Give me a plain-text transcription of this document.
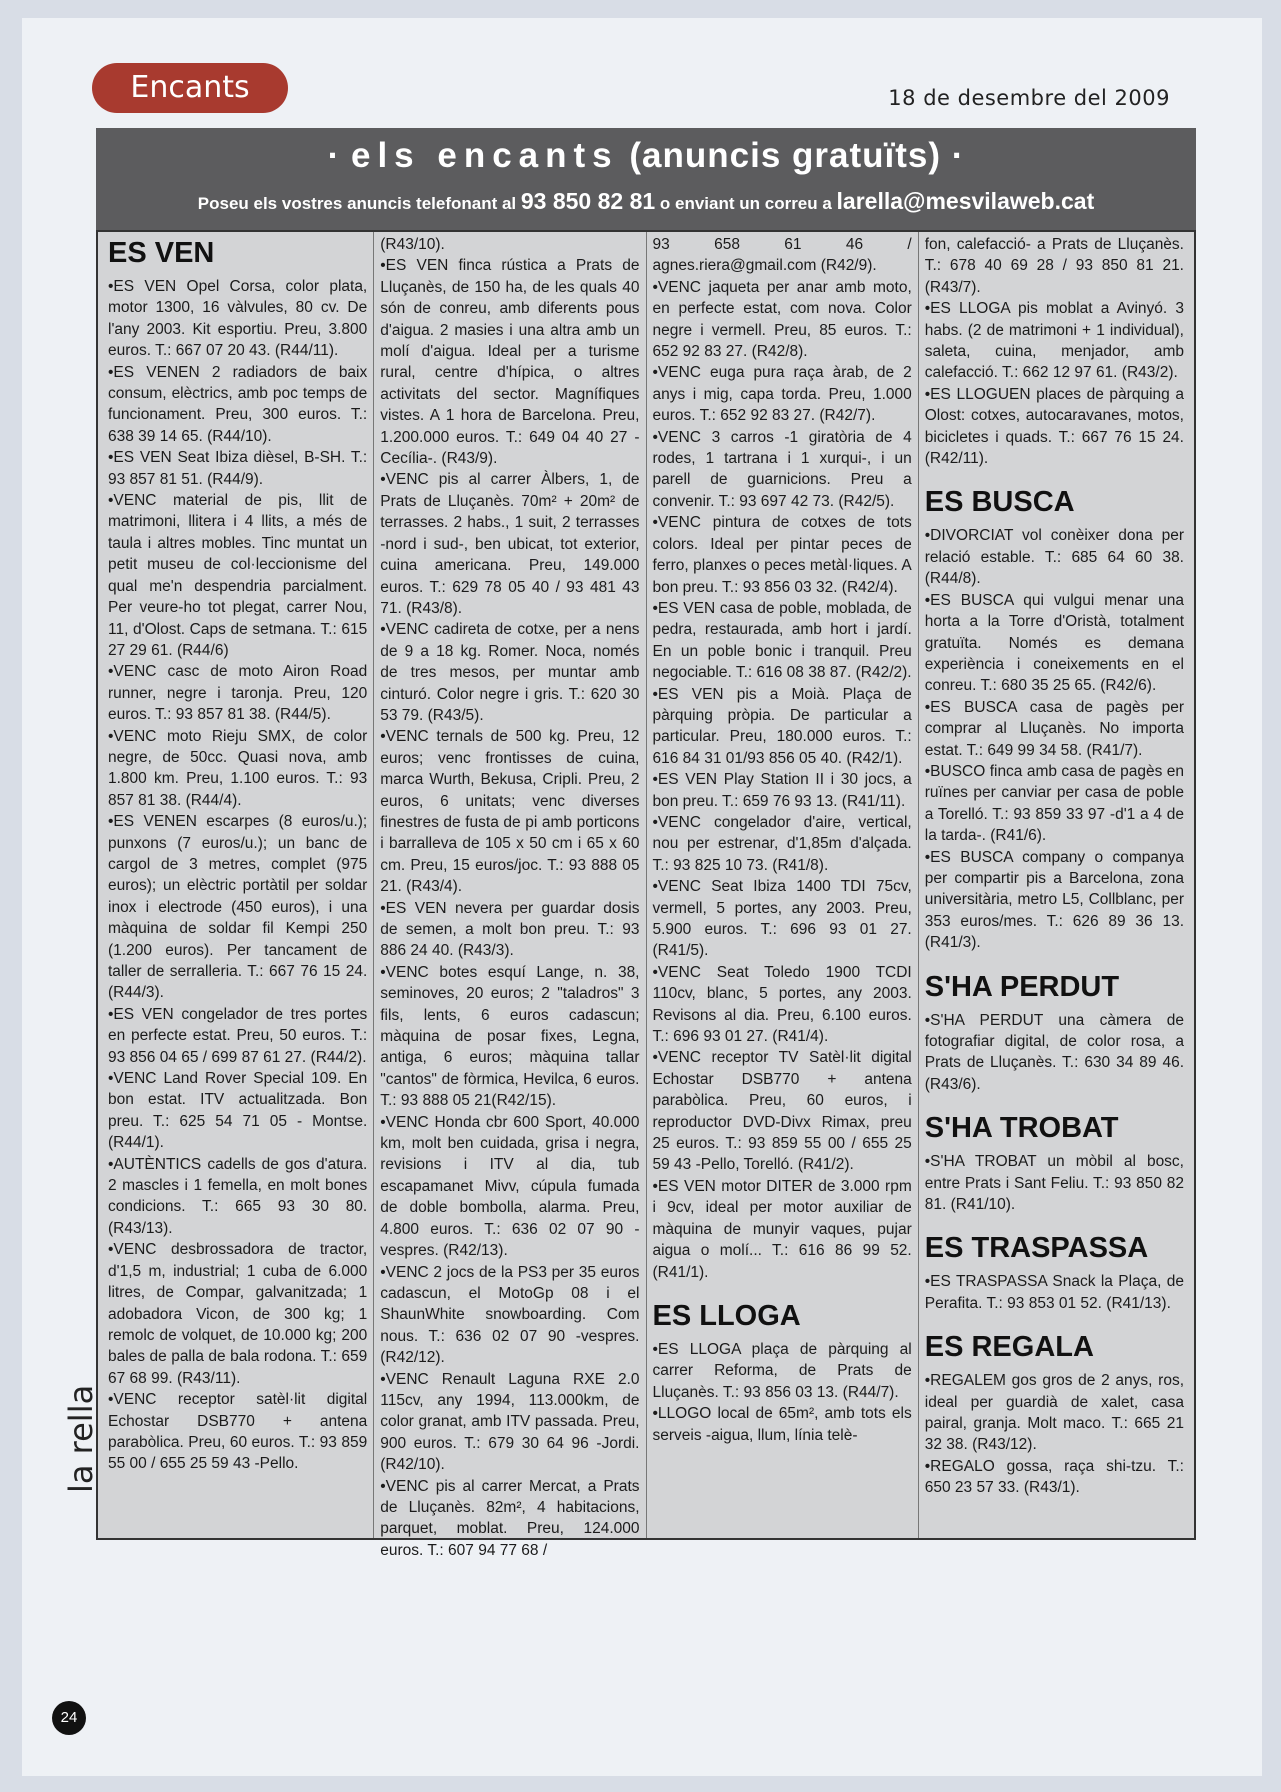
Encants	18 de desembre del 2009
· els encants (anuncis gratuïts) ·
Poseu els vostres anuncis telefonant al 93 850 82 81 o enviant un correu a larella@mesvilaweb.cat
ES VEN

•ES VEN Opel Corsa, color plata, motor 1300, 16 vàlvules, 80 cv. De l'any 2003. Kit esportiu. Preu, 3.800 euros. T.: 667 07 20 43. (R44/11).

•ES VENEN 2 radiadors de baix consum, elèctrics, amb poc temps de funcionament. Preu, 300 euros. T.: 638 39 14 65. (R44/10).

•ES VEN Seat Ibiza dièsel, B-SH. T.: 93 857 81 51. (R44/9).

•VENC material de pis, llit de matrimoni, llitera i 4 llits, a més de taula i altres mobles. Tinc muntat un petit museu de col·leccionisme del qual me'n despendria parcialment. Per veure-ho tot plegat, carrer Nou, 11, d'Olost. Caps de setmana. T.: 615 27 29 61. (R44/6)

•VENC casc de moto Airon Road runner, negre i taronja. Preu, 120 euros. T.: 93 857 81 38. (R44/5).

•VENC moto Rieju SMX, de color negre, de 50cc. Quasi nova, amb 1.800 km. Preu, 1.100 euros. T.: 93 857 81 38. (R44/4).

•ES VENEN escarpes (8 euros/u.); punxons (7 euros/u.); un banc de cargol de 3 metres, complet (975 euros); un elèctric portàtil per soldar inox i electrode (450 euros), i una màquina de soldar fil Kempi 250 (1.200 euros). Per tancament de taller de serralleria. T.: 667 76 15 24. (R44/3).

•ES VEN congelador de tres portes en perfecte estat. Preu, 50 euros. T.: 93 856 04 65 / 699 87 61 27. (R44/2).

•VENC Land Rover Special 109. En bon estat. ITV actualitzada. Bon preu. T.: 625 54 71 05 - Montse. (R44/1).

•AUTÈNTICS cadells de gos d'atura. 2 mascles i 1 femella, en molt bones condicions. T.: 665 93 30 80. (R43/13).

•VENC desbrossadora de tractor, d'1,5 m, industrial; 1 cuba de 6.000 litres, de Compar, galvanitzada; 1 adobadora Vicon, de 300 kg; 1 remolc de volquet, de 10.000 kg; 200 bales de palla de bala rodona. T.: 659 67 68 99. (R43/11).

•VENC receptor satèl·lit digital Echostar DSB770 + antena parabòlica. Preu, 60 euros. T.: 93 859 55 00 / 655 25 59 43 -Pello.

(R43/10).

•ES VEN finca rústica a Prats de Lluçanès, de 150 ha, de les quals 40 són de conreu, amb diferents pous d'aigua. 2 masies i una altra amb un molí d'aigua. Ideal per a turisme rural, centre d'hípica, o altres activitats del sector. Magnífiques vistes. A 1 hora de Barcelona. Preu, 1.200.000 euros. T.: 649 04 40 27 -Cecília-. (R43/9).

•VENC pis al carrer Àlbers, 1, de Prats de Lluçanès. 70m² + 20m² de terrasses. 2 habs., 1 suit, 2 terrasses -nord i sud-, ben ubicat, tot exterior, cuina americana. Preu, 149.000 euros. T.: 629 78 05 40 / 93 481 43 71. (R43/8).

•VENC cadireta de cotxe, per a nens de 9 a 18 kg. Romer. Noca, només de tres mesos, per muntar amb cinturó. Color negre i gris. T.: 620 30 53 79. (R43/5).

•VENC ternals de 500 kg. Preu, 12 euros; venc frontisses de cuina, marca Wurth, Bekusa, Cripli. Preu, 2 euros, 6 unitats; venc diverses finestres de fusta de pi amb porticons i barralleva de 105 x 50 cm i 65 x 60 cm. Preu, 15 euros/joc. T.: 93 888 05 21. (R43/4).

•ES VEN nevera per guardar dosis de semen, a molt bon preu. T.: 93 886 24 40. (R43/3).

•VENC botes esquí Lange, n. 38, seminoves, 20 euros; 2 "taladros" 3 fils, lents, 6 euros cadascun; màquina de posar fixes, Legna, antiga, 6 euros; màquina tallar "cantos" de fòrmica, Hevilca, 6 euros. T.: 93 888 05 21(R42/15).

•VENC Honda cbr 600 Sport, 40.000 km, molt ben cuidada, grisa i negra, revisions i ITV al dia, tub escapamanet Mivv, cúpula fumada de doble bombolla, alarma. Preu, 4.800 euros. T.: 636 02 07 90 -vespres. (R42/13).

•VENC 2 jocs de la PS3 per 35 euros cadascun, el MotoGp 08 i el ShaunWhite snowboarding. Com nous. T.: 636 02 07 90 -vespres. (R42/12).

•VENC Renault Laguna RXE 2.0 115cv, any 1994, 113.000km, de color granat, amb ITV passada. Preu, 900 euros. T.: 679 30 64 96 -Jordi. (R42/10).

•VENC pis al carrer Mercat, a Prats de Lluçanès. 82m², 4 habitacions, parquet, moblat. Preu, 124.000 euros. T.: 607 94 77 68 /

93 658 61 46 / agnes.riera@gmail.com (R42/9).

•VENC jaqueta per anar amb moto, en perfecte estat, com nova. Color negre i vermell. Preu, 85 euros. T.: 652 92 83 27. (R42/8).

•VENC euga pura raça àrab, de 2 anys i mig, capa torda. Preu, 1.000 euros. T.: 652 92 83 27. (R42/7).

•VENC 3 carros -1 giratòria de 4 rodes, 1 tartrana i 1 xurqui-, i un parell de guarnicions. Preu a convenir. T.: 93 697 42 73. (R42/5).

•VENC pintura de cotxes de tots colors. Ideal per pintar peces de ferro, planxes o peces metàl·liques. A bon preu. T.: 93 856 03 32. (R42/4).

•ES VEN casa de poble, moblada, de pedra, restaurada, amb hort i jardí. En un poble bonic i tranquil. Preu negociable. T.: 616 08 38 87. (R42/2).

•ES VEN pis a Moià. Plaça de pàrquing pròpia. De particular a particular. Preu, 180.000 euros. T.: 616 84 31 01/93 856 05 40. (R42/1).

•ES VEN Play Station II i 30 jocs, a bon preu. T.: 659 76 93 13. (R41/11).

•VENC congelador d'aire, vertical, nou per estrenar, d'1,85m d'alçada. T.: 93 825 10 73. (R41/8).

•VENC Seat Ibiza 1400 TDI 75cv, vermell, 5 portes, any 2003. Preu, 5.900 euros. T.: 696 93 01 27. (R41/5).

•VENC Seat Toledo 1900 TCDI 110cv, blanc, 5 portes, any 2003. Revisons al dia. Preu, 6.100 euros. T.: 696 93 01 27. (R41/4).

•VENC receptor TV Satèl·lit digital Echostar DSB770 + antena parabòlica. Preu, 60 euros, i reproductor DVD-Divx Rimax, preu 25 euros. T.: 93 859 55 00 / 655 25 59 43 -Pello, Torelló. (R41/2).

•ES VEN motor DITER de 3.000 rpm i 9cv, ideal per motor auxiliar de màquina de munyir vaques, pujar aigua o molí... T.: 616 86 99 52. (R41/1).

ES LLOGA

•ES LLOGA plaça de pàrquing al carrer Reforma, de Prats de Lluçanès. T.: 93 856 03 13. (R44/7).

•LLOGO local de 65m², amb tots els serveis -aigua, llum, línia telè-

fon, calefacció- a Prats de Lluçanès. T.: 678 40 69 28 / 93 850 81 21. (R43/7).

•ES LLOGA pis moblat a Avinyó. 3 habs. (2 de matrimoni + 1 individual), saleta, cuina, menjador, amb calefacció. T.: 662 12 97 61. (R43/2).

•ES LLOGUEN places de pàrquing a Olost: cotxes, autocaravanes, motos, bicicletes i quads. T.: 667 76 15 24. (R42/11).

ES BUSCA

•DIVORCIAT vol conèixer dona per relació estable. T.: 685 64 60 38. (R44/8).

•ES BUSCA qui vulgui menar una horta a la Torre d'Oristà, totalment gratuïta. Només es demana experiència i coneixements en el conreu. T.: 680 35 25 65. (R42/6).

•ES BUSCA casa de pagès per comprar al Lluçanès. No importa estat. T.: 649 99 34 58. (R41/7).

•BUSCO finca amb casa de pagès en ruïnes per canviar per casa de poble a Torelló. T.: 93 859 33 97 -d'1 a 4 de la tarda-. (R41/6).

•ES BUSCA company o companya per compartir pis a Barcelona, zona universitària, metro L5, Collblanc, per 353 euros/mes. T.: 626 89 36 13. (R41/3).

S'HA PERDUT

•S'HA PERDUT una càmera de fotografiar digital, de color rosa, a Prats de Lluçanès. T.: 630 34 89 46. (R43/6).

S'HA TROBAT

•S'HA TROBAT un mòbil al bosc, entre Prats i Sant Feliu. T.: 93 850 82 81. (R41/10).

ES TRASPASSA

•ES TRASPASSA Snack la Plaça, de Perafita. T.: 93 853 01 52. (R41/13).

ES REGALA

•REGALEM gos gros de 2 anys, ros, ideal per guardià de xalet, casa pairal, granja. Molt maco. T.: 665 21 32 38. (R43/12).

•REGALO gossa, raça shi-tzu. T.: 650 23 57 33. (R43/1).

la rella
24
